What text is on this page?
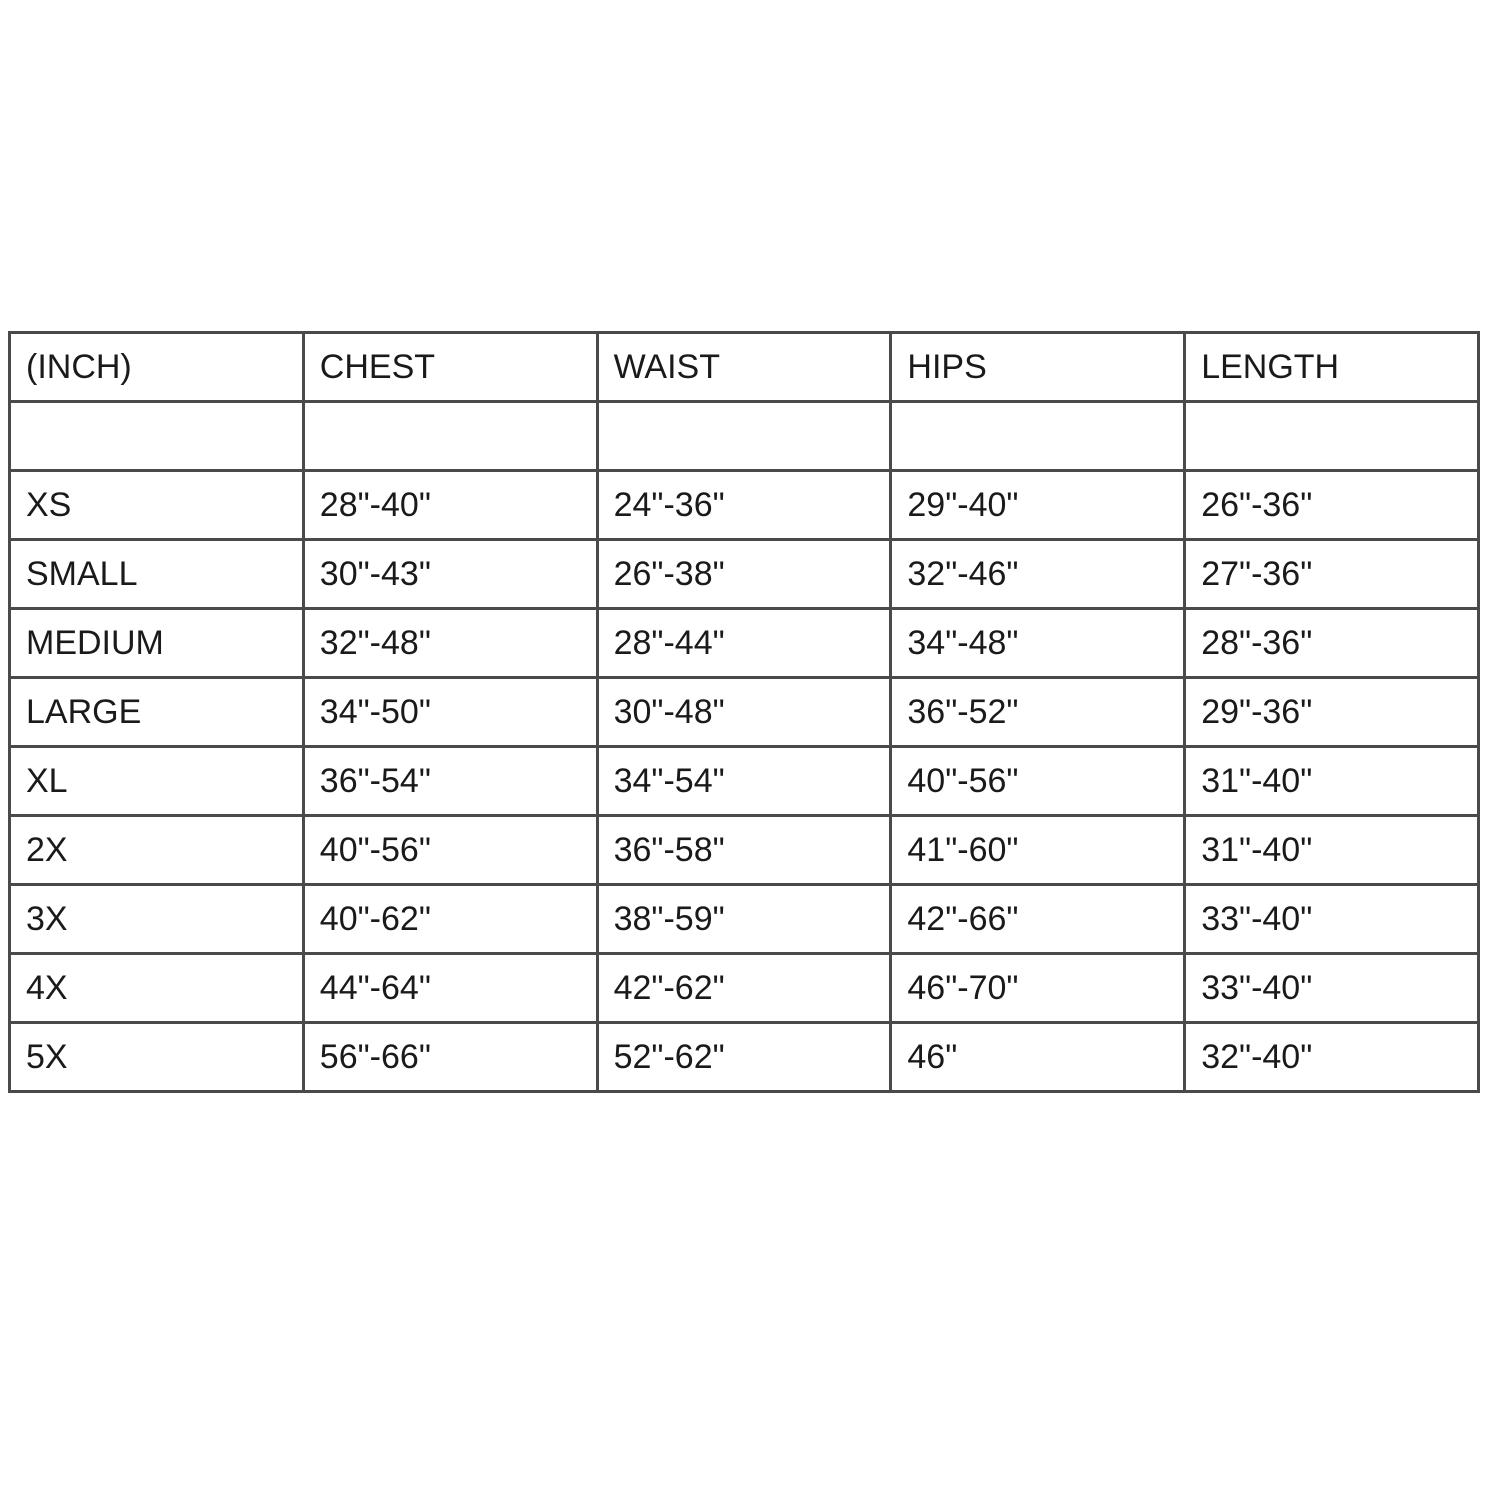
(INCH)	CHEST	WAIST	HIPS	LENGTH

XS	28"-40"	24"-36"	29"-40"	26"-36"
SMALL	30"-43"	26"-38"	32"-46"	27"-36"
MEDIUM	32"-48"	28"-44"	34"-48"	28"-36"
LARGE	34"-50"	30"-48"	36"-52"	29"-36"
XL	36"-54"	34"-54"	40"-56"	31"-40"
2X	40"-56"	36"-58"	41"-60"	31"-40"
3X	40"-62"	38"-59"	42"-66"	33"-40"
4X	44"-64"	42"-62"	46"-70"	33"-40"
5X	56"-66"	52"-62"	46"	32"-40"
